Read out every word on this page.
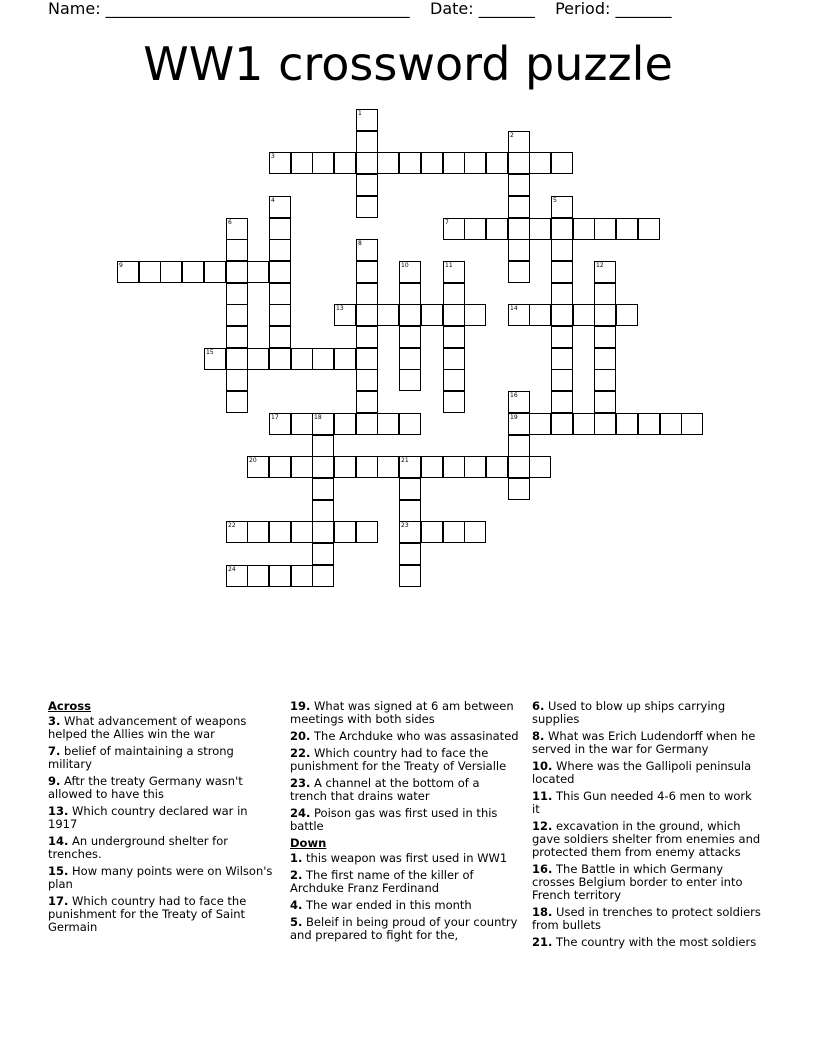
Name: ______________________________________ Date: _______ Period: _______
WW1 crossword puzzle
3
7
9
13	14
15
17	18	19
20	21
22	23
24
1
2
4	5
6
8
10	11	12
16
Across
3. What advancement of weapons helped the Allies win the war
7. belief of maintaining a strong military
9. Aftr the treaty Germany wasn't allowed to have this
13. Which country declared war in 1917
14. An underground shelter for trenches.
15. How many points were on Wilson's plan
17. Which country had to face the punishment for the Treaty of Saint Germain
19. What was signed at 6 am between meetings with both sides
20. The Archduke who was assasinated
22. Which country had to face the punishment for the Treaty of Versialle
23. A channel at the bottom of a trench that drains water
24. Poison gas was first used in this battle
Down
1. this weapon was first used in WW1
2. The first name of the killer of Archduke Franz Ferdinand
4. The war ended in this month
5. Beleif in being proud of your country and prepared to fight for the,
6. Used to blow up ships carrying supplies
8. What was Erich Ludendorff when he served in the war for Germany
10. Where was the Gallipoli peninsula located
11. This Gun needed 4-6 men to work it
12. excavation in the ground, which gave soldiers shelter from enemies and protected them from enemy attacks
16. The Battle in which Germany crosses Belgium border to enter into French territory
18. Used in trenches to protect soldiers from bullets
21. The country with the most soldiers
